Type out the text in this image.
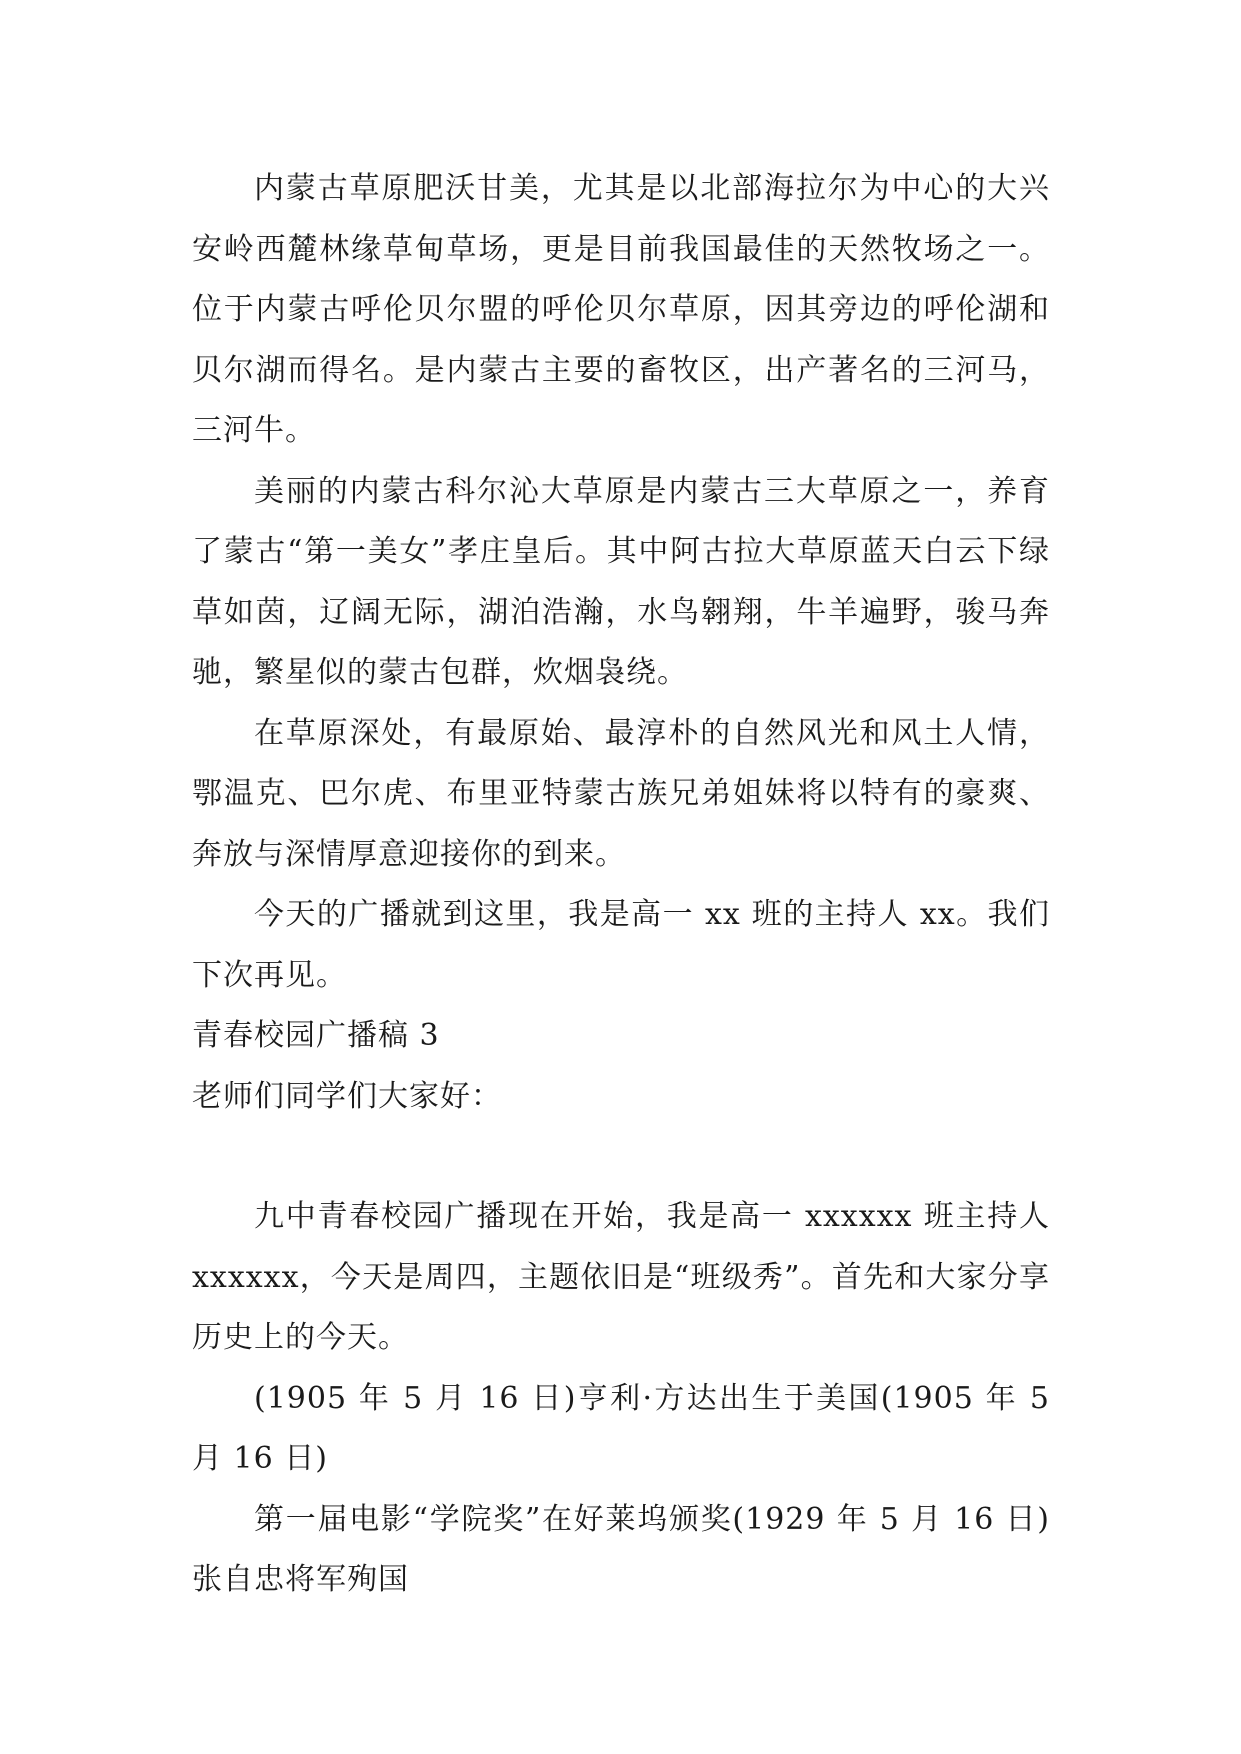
内蒙古草原肥沃甘美，尤其是以北部海拉尔为中心的大兴安岭西麓林缘草甸草场，更是目前我国最佳的天然牧场之一。位于内蒙古呼伦贝尔盟的呼伦贝尔草原，因其旁边的呼伦湖和贝尔湖而得名。是内蒙古主要的畜牧区，出产著名的三河马，三河牛。

美丽的内蒙古科尔沁大草原是内蒙古三大草原之一，养育了蒙古“第一美女”孝庄皇后。其中阿古拉大草原蓝天白云下绿草如茵，辽阔无际，湖泊浩瀚，水鸟翱翔，牛羊遍野，骏马奔驰，繁星似的蒙古包群，炊烟袅绕。

在草原深处，有最原始、最淳朴的自然风光和风土人情，鄂温克、巴尔虎、布里亚特蒙古族兄弟姐妹将以特有的豪爽、奔放与深情厚意迎接你的到来。

今天的广播就到这里，我是高一 xx 班的主持人 xx。我们下次再见。

青春校园广播稿 3

老师们同学们大家好：

九中青春校园广播现在开始，我是高一 xxxxxx 班主持人 xxxxxx，今天是周四，主题依旧是“班级秀”。首先和大家分享历史上的今天。

(1905 年 5 月 16 日)亨利·方达出生于美国(1905 年 5 月 16 日)

第一届电影“学院奖”在好莱坞颁奖(1929 年 5 月 16 日)张自忠将军殉国
